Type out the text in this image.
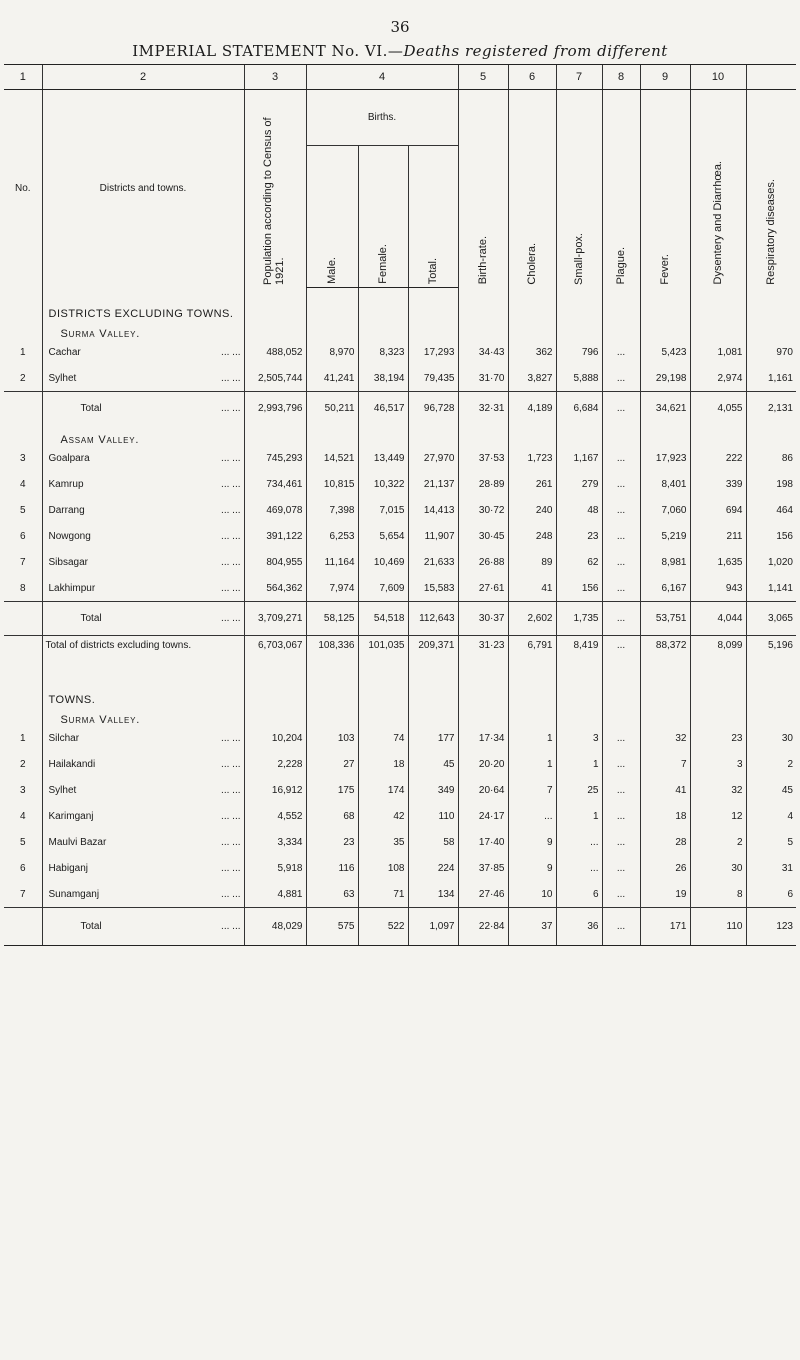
36
IMPERIAL STATEMENT No. VI.—Deaths registered from different
1	2	3	4			5	6	7	8	9	10	
No.	Districts and towns.	Population according to Census of 1921.	Births.			Birth-rate.	Cholera.	Small-pox.	Plague.	Fever.	Dysentery and Diarrhœa.	Respiratory diseases.
			Male.	Female.	Total.							
	DISTRICTS EXCLUDING TOWNS.											
	Surma Valley.											
1	Cachar ... ...	488,052	8,970	8,323	17,293	34·43	362	796	...	5,423	1,081	970
2	Sylhet ... ...	2,505,744	41,241	38,194	79,435	31·70	3,827	5,888	...	29,198	2,974	1,161
	Total ... ...	2,993,796	50,211	46,517	96,728	32·31	4,189	6,684	...	34,621	4,055	2,131
	Assam Valley.											
3	Goalpara ... ...	745,293	14,521	13,449	27,970	37·53	1,723	1,167	...	17,923	222	86
4	Kamrup ... ...	734,461	10,815	10,322	21,137	28·89	261	279	...	8,401	339	198
5	Darrang ... ...	469,078	7,398	7,015	14,413	30·72	240	48	...	7,060	694	464
6	Nowgong ... ...	391,122	6,253	5,654	11,907	30·45	248	23	...	5,219	211	156
7	Sibsagar ... ...	804,955	11,164	10,469	21,633	26·88	89	62	...	8,981	1,635	1,020
8	Lakhimpur ... ...	564,362	7,974	7,609	15,583	27·61	41	156	...	6,167	943	1,141
	Total ... ...	3,709,271	58,125	54,518	112,643	30·37	2,602	1,735	...	53,751	4,044	3,065
	Total of districts excluding towns.	6,703,067	108,336	101,035	209,371	31·23	6,791	8,419	...	88,372	8,099	5,196
	TOWNS.											
	Surma Valley.											
1	Silchar ... ...	10,204	103	74	177	17·34	1	3	...	32	23	30
2	Hailakandi ... ...	2,228	27	18	45	20·20	1	1	...	7	3	2
3	Sylhet ... ...	16,912	175	174	349	20·64	7	25	...	41	32	45
4	Karimganj ... ...	4,552	68	42	110	24·17	...	1	...	18	12	4
5	Maulvi Bazar ... ...	3,334	23	35	58	17·40	9	...	...	28	2	5
6	Habiganj ... ...	5,918	116	108	224	37·85	9	...	...	26	30	31
7	Sunamganj ... ...	4,881	63	71	134	27·46	10	6	...	19	8	6
	Total ... ...	48,029	575	522	1,097	22·84	37	36	...	171	110	123
